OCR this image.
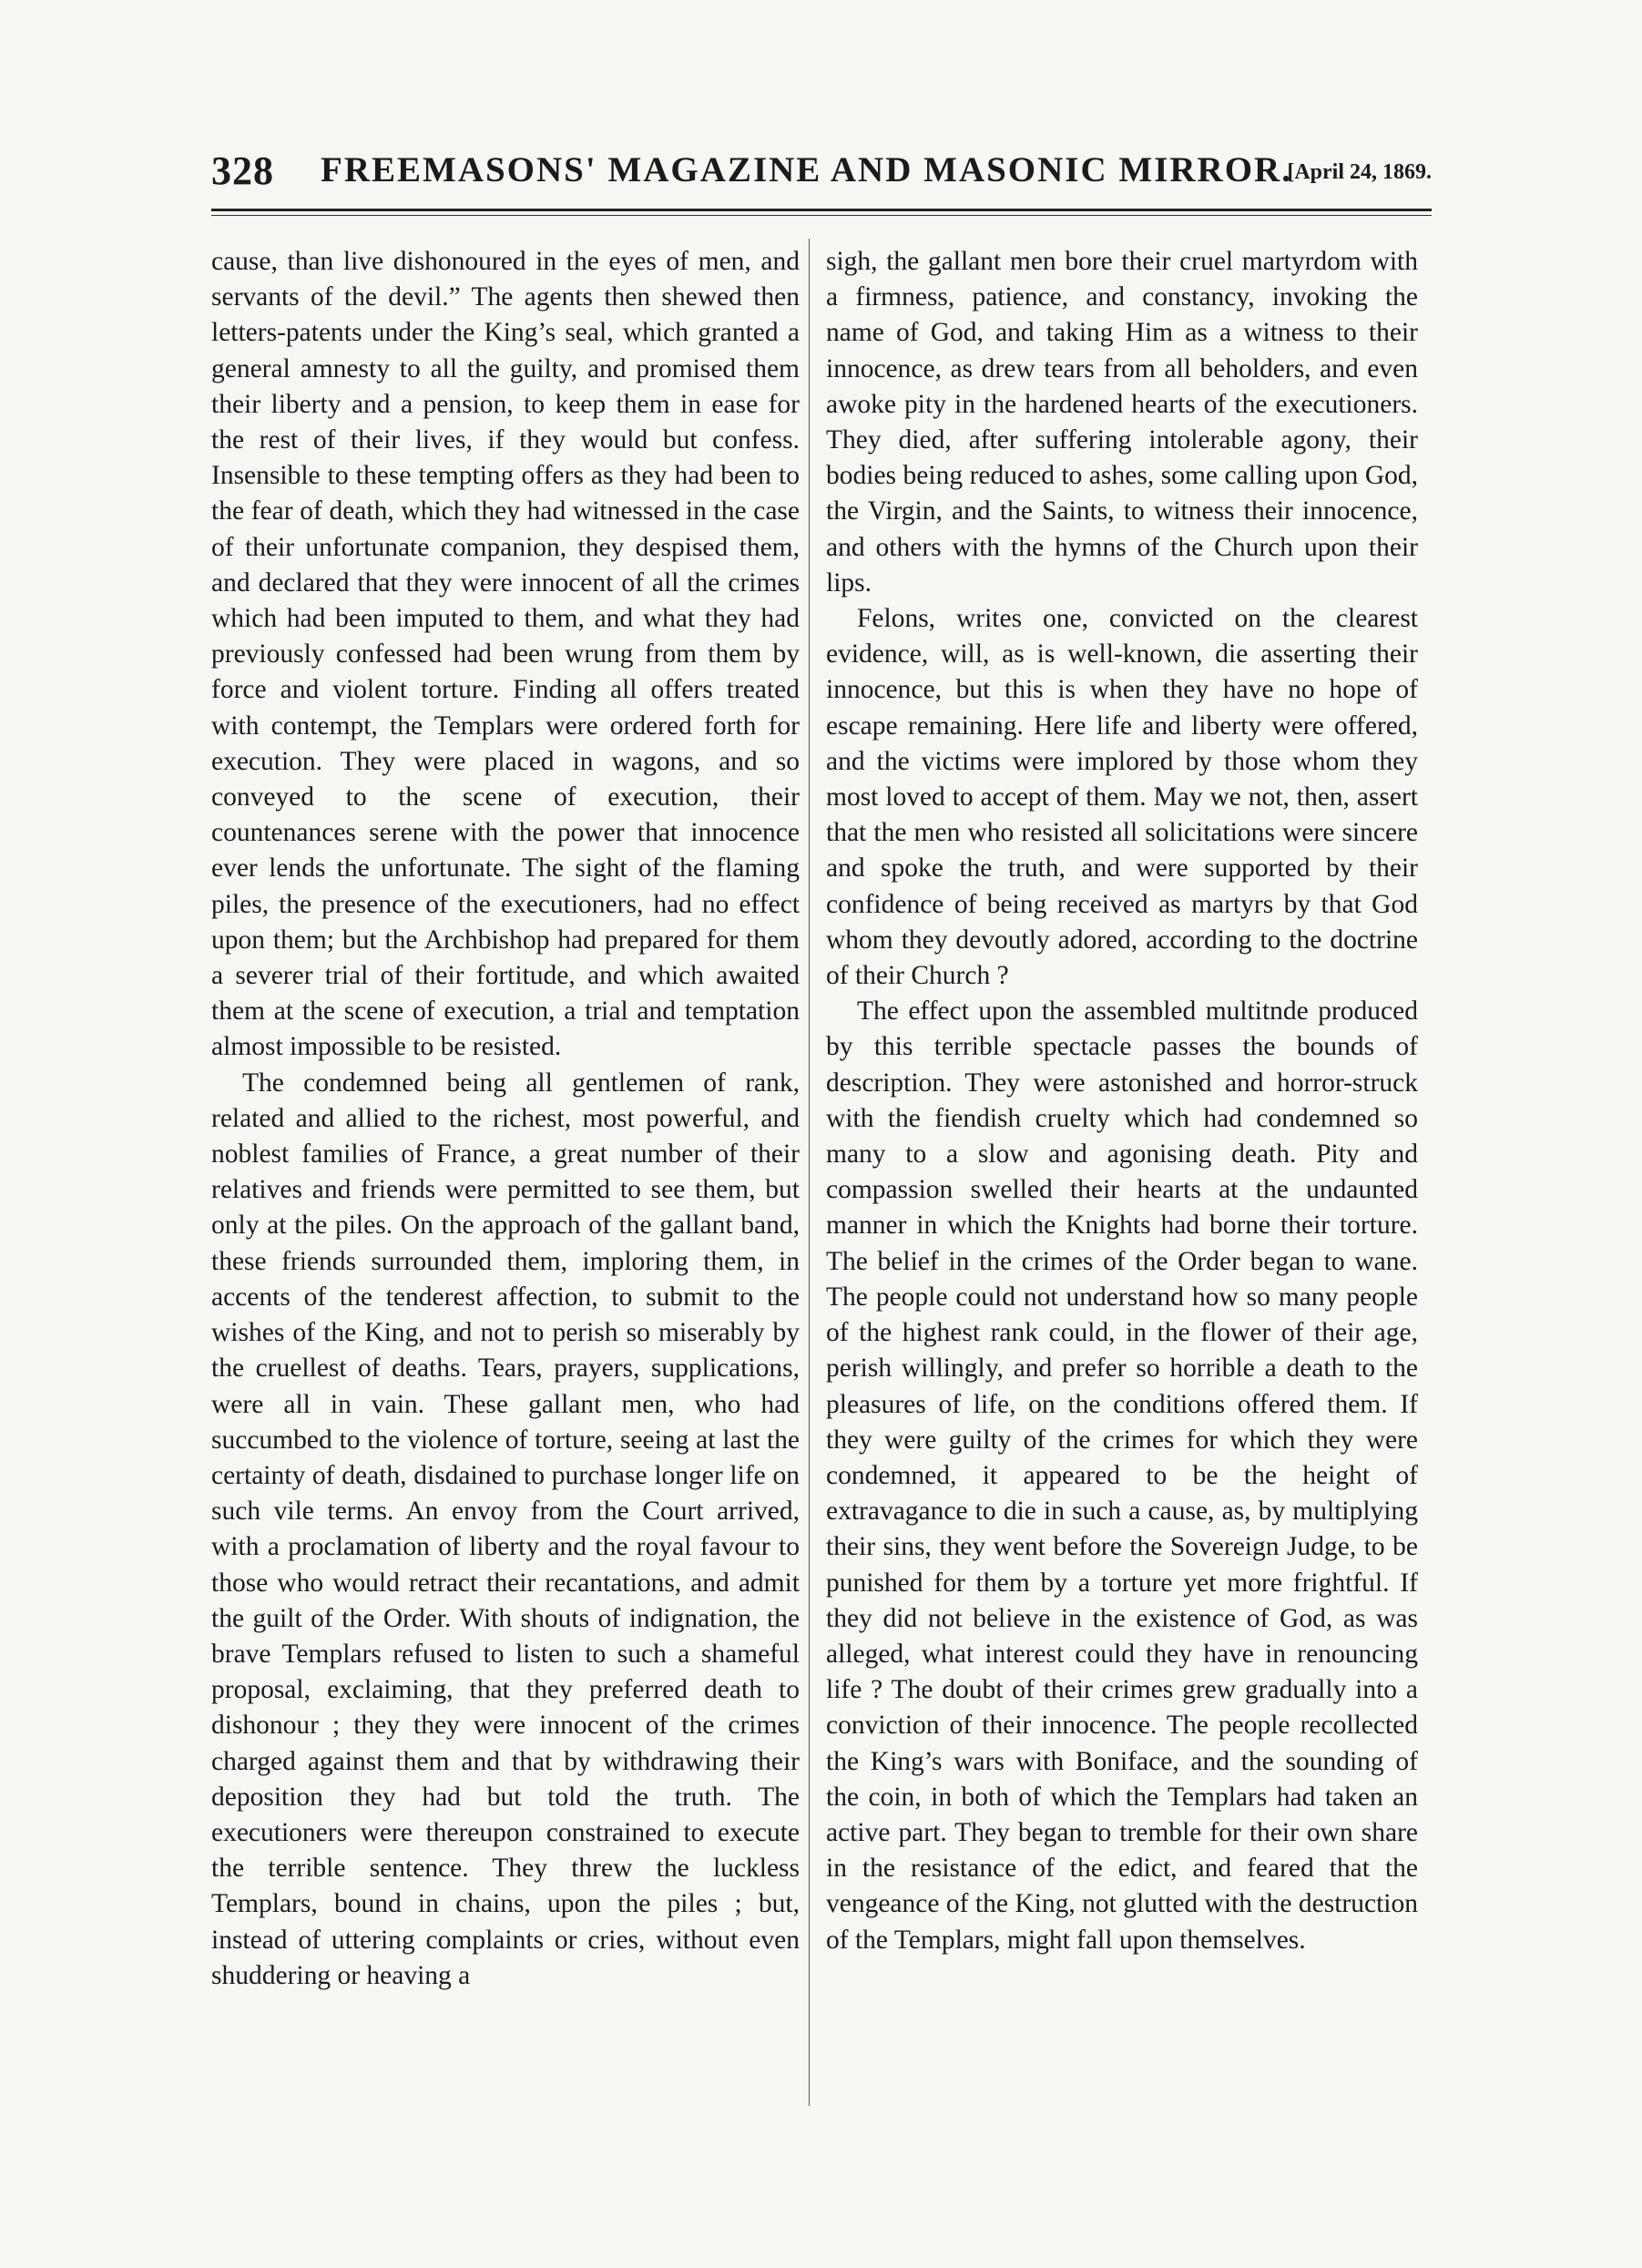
328 FREEMASONS' MAGAZINE AND MASONIC MIRROR.
[April 24, 1869.

cause, than live dishonoured in the eyes of men, and servants of the devil.” The agents then shewed then letters-patents under the King’s seal, which granted a general amnesty to all the guilty, and promised them their liberty and a pension, to keep them in ease for the rest of their lives, if they would but confess. Insensible to these tempting offers as they had been to the fear of death, which they had witnessed in the case of their unfortunate companion, they despised them, and declared that they were innocent of all the crimes which had been imputed to them, and what they had previously confessed had been wrung from them by force and violent torture. Finding all offers treated with contempt, the Templars were ordered forth for execution. They were placed in wagons, and so conveyed to the scene of execution, their countenances serene with the power that innocence ever lends the unfortunate. The sight of the flaming piles, the presence of the executioners, had no effect upon them; but the Archbishop had prepared for them a severer trial of their fortitude, and which awaited them at the scene of execution, a trial and temptation almost impossible to be resisted.

The condemned being all gentlemen of rank, related and allied to the richest, most powerful, and noblest families of France, a great number of their relatives and friends were permitted to see them, but only at the piles. On the approach of the gallant band, these friends surrounded them, imploring them, in accents of the tenderest affection, to submit to the wishes of the King, and not to perish so miserably by the cruellest of deaths. Tears, prayers, supplications, were all in vain. These gallant men, who had succumbed to the violence of torture, seeing at last the certainty of death, disdained to purchase longer life on such vile terms. An envoy from the Court arrived, with a proclamation of liberty and the royal favour to those who would retract their recantations, and admit the guilt of the Order. With shouts of indignation, the brave Templars refused to listen to such a shameful proposal, exclaiming, that they preferred death to dishonour ; they they were innocent of the crimes charged against them and that by withdrawing their deposition they had but told the truth. The executioners were thereupon constrained to execute the terrible sentence. They threw the luckless Templars, bound in chains, upon the piles ; but, instead of uttering complaints or cries, without even shuddering or heaving a

sigh, the gallant men bore their cruel martyrdom with a firmness, patience, and constancy, invoking the name of God, and taking Him as a witness to their innocence, as drew tears from all beholders, and even awoke pity in the hardened hearts of the executioners. They died, after suffering intolerable agony, their bodies being reduced to ashes, some calling upon God, the Virgin, and the Saints, to witness their innocence, and others with the hymns of the Church upon their lips.

Felons, writes one, convicted on the clearest evidence, will, as is well-known, die asserting their innocence, but this is when they have no hope of escape remaining. Here life and liberty were offered, and the victims were implored by those whom they most loved to accept of them. May we not, then, assert that the men who resisted all solicitations were sincere and spoke the truth, and were supported by their confidence of being received as martyrs by that God whom they devoutly adored, according to the doctrine of their Church ?

The effect upon the assembled multitnde produced by this terrible spectacle passes the bounds of description. They were astonished and horror-struck with the fiendish cruelty which had condemned so many to a slow and agonising death. Pity and compassion swelled their hearts at the undaunted manner in which the Knights had borne their torture. The belief in the crimes of the Order began to wane. The people could not understand how so many people of the highest rank could, in the flower of their age, perish willingly, and prefer so horrible a death to the pleasures of life, on the conditions offered them. If they were guilty of the crimes for which they were condemned, it appeared to be the height of extravagance to die in such a cause, as, by multiplying their sins, they went before the Sovereign Judge, to be punished for them by a torture yet more frightful. If they did not believe in the existence of God, as was alleged, what interest could they have in renouncing life ? The doubt of their crimes grew gradually into a conviction of their innocence. The people recollected the King’s wars with Boniface, and the sounding of the coin, in both of which the Templars had taken an active part. They began to tremble for their own share in the resistance of the edict, and feared that the vengeance of the King, not glutted with the destruction of the Templars, might fall upon themselves.
